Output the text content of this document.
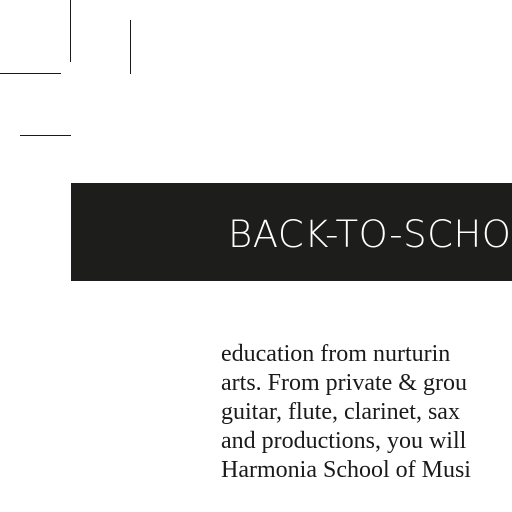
BACK-TO-SCHO
education from nurturin
arts. From private & grou
guitar, flute, clarinet, sax
and productions, you will
Harmonia School of Musi
